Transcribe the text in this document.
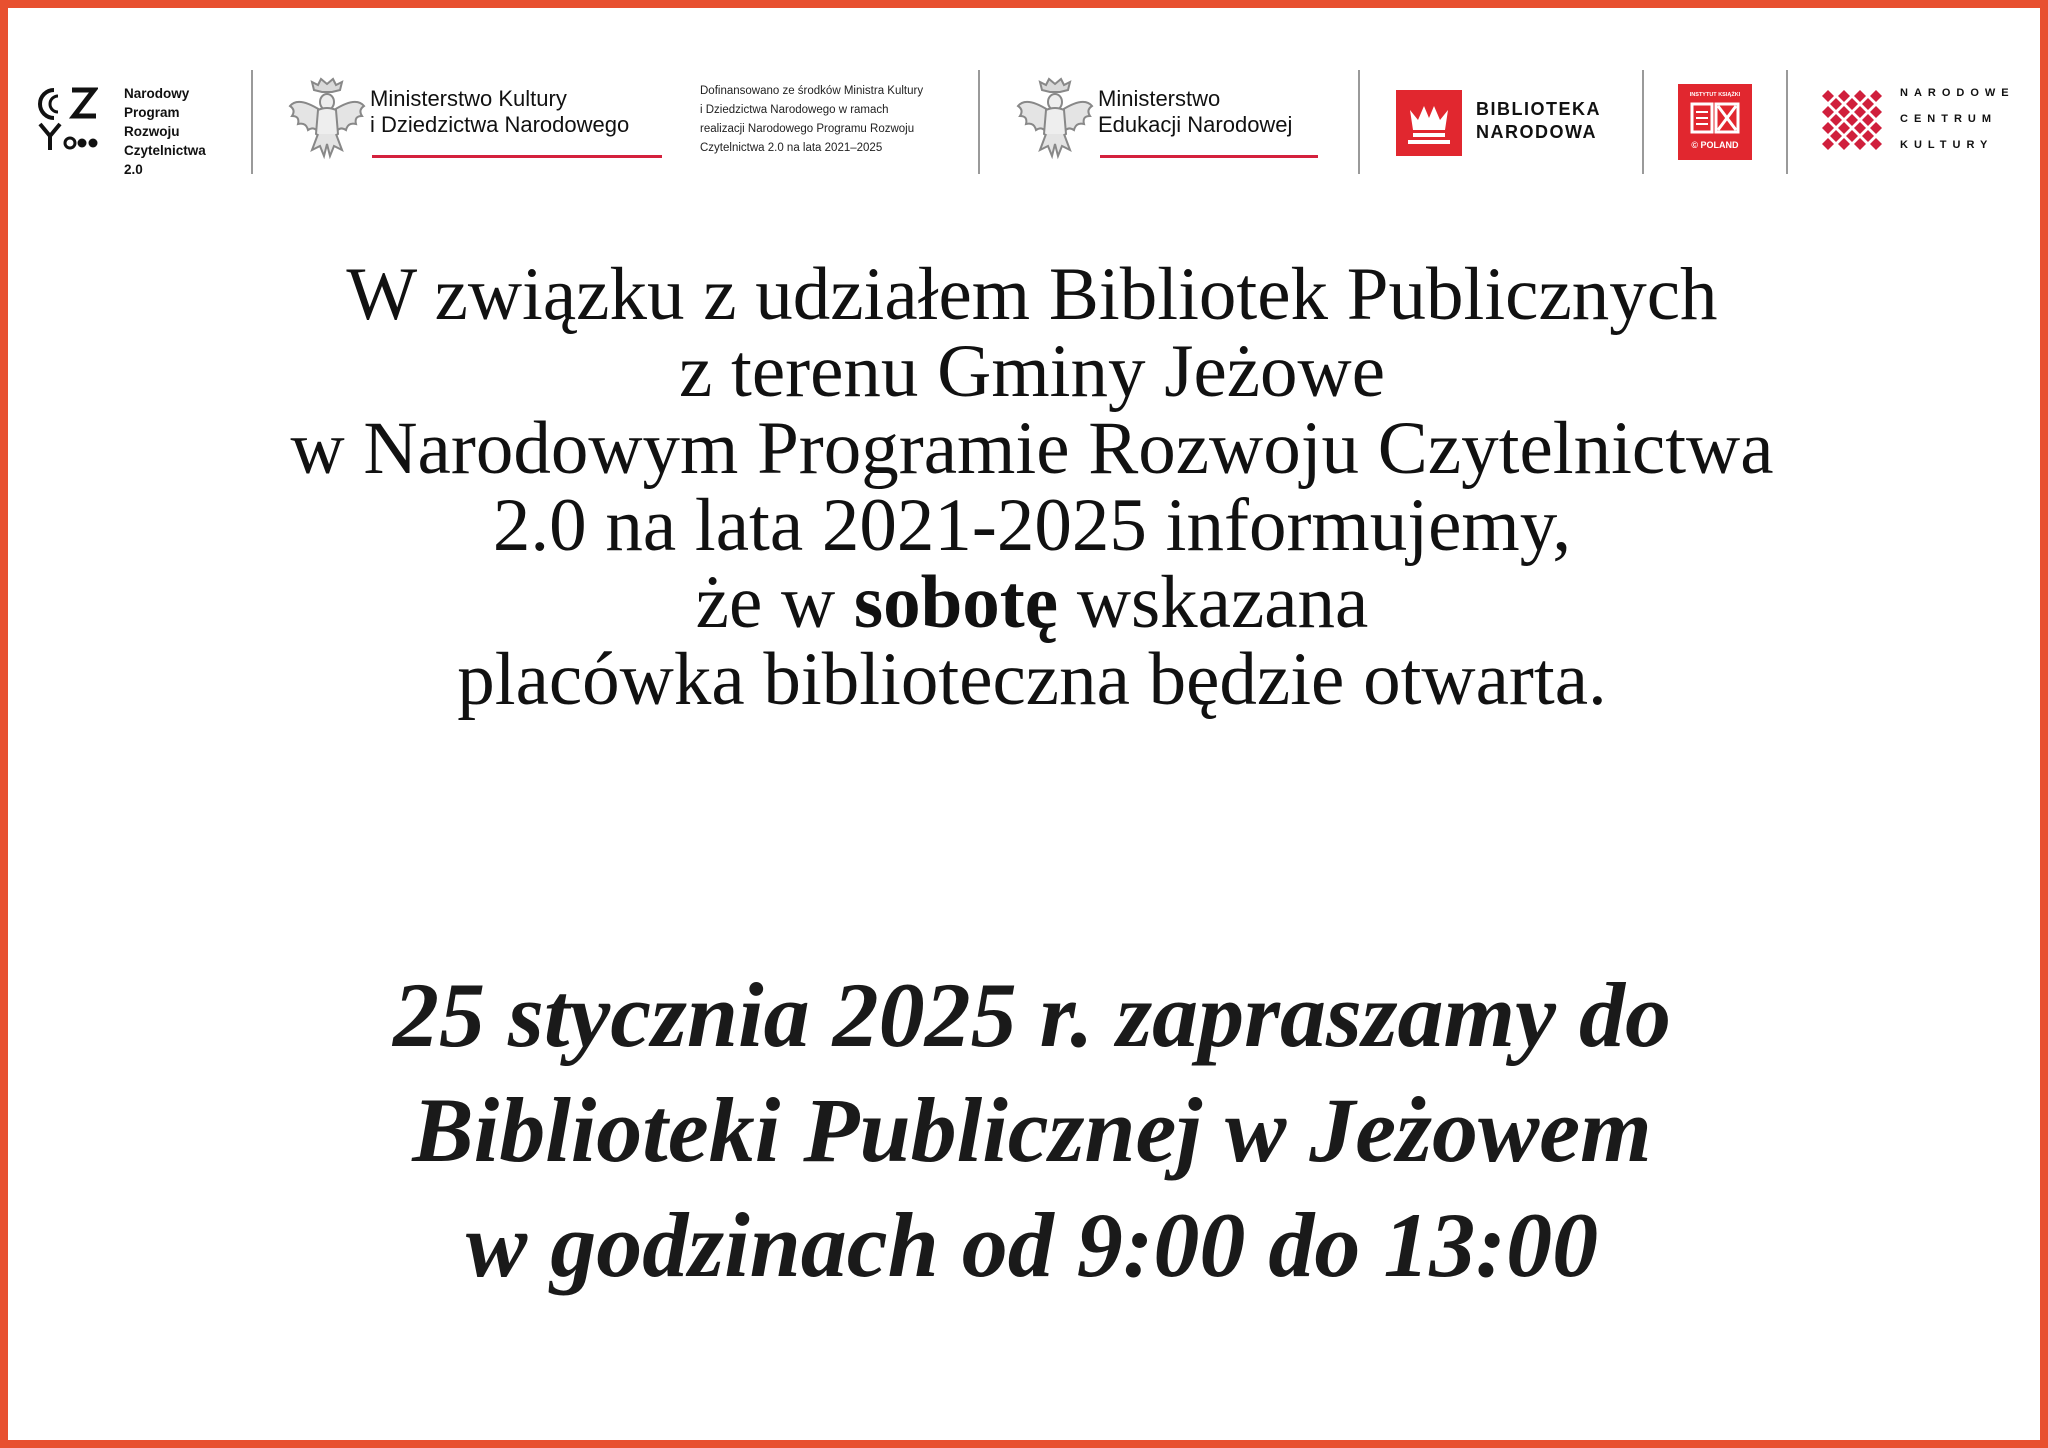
Narodowy
Program
Rozwoju
Czytelnictwa
2.0
Ministerstwo Kultury
i Dziedzictwa Narodowego
Dofinansowano ze środków Ministra Kultury
i Dziedzictwa Narodowego w ramach
realizacji Narodowego Programu Rozwoju
Czytelnictwa 2.0 na lata 2021–2025
Ministerstwo
Edukacji Narodowej
BIBLIOTEKA
NARODOWA
INSTYTUT KSIĄŻKI
© POLAND
NARODOWE
CENTRUM
KULTURY
W związku z udziałem Bibliotek Publicznych
z terenu Gminy Jeżowe
w Narodowym Programie Rozwoju Czytelnictwa
2.0 na lata 2021-2025 informujemy,
że w sobotę wskazana
placówka biblioteczna będzie otwarta.
25 stycznia 2025 r. zapraszamy do
Biblioteki Publicznej w Jeżowem
w godzinach od 9:00 do 13:00
